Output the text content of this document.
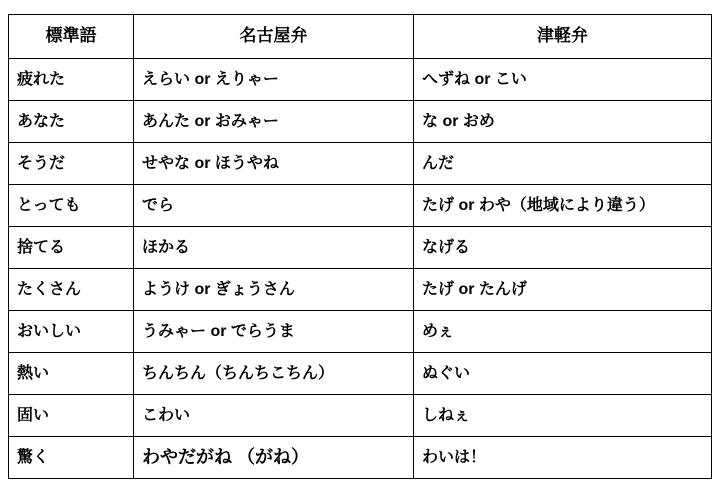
標準語	名古屋弁	津軽弁

疲れた	えらい or えりゃー	へずね or こい

あなた	あんた or おみゃー	な or おめ

そうだ	せやな or ほうやね	んだ

とっても	でら	たげ or わや（地域により違う）

捨てる	ほかる	なげる

たくさん	ようけ or ぎょうさん	たげ or たんげ

おいしい	うみゃー or でらうま	めぇ

熱い	ちんちん（ちんちこちん）	ぬぐい

固い	こわい	しねぇ

驚く	わやだがね （がね）	わいは！
